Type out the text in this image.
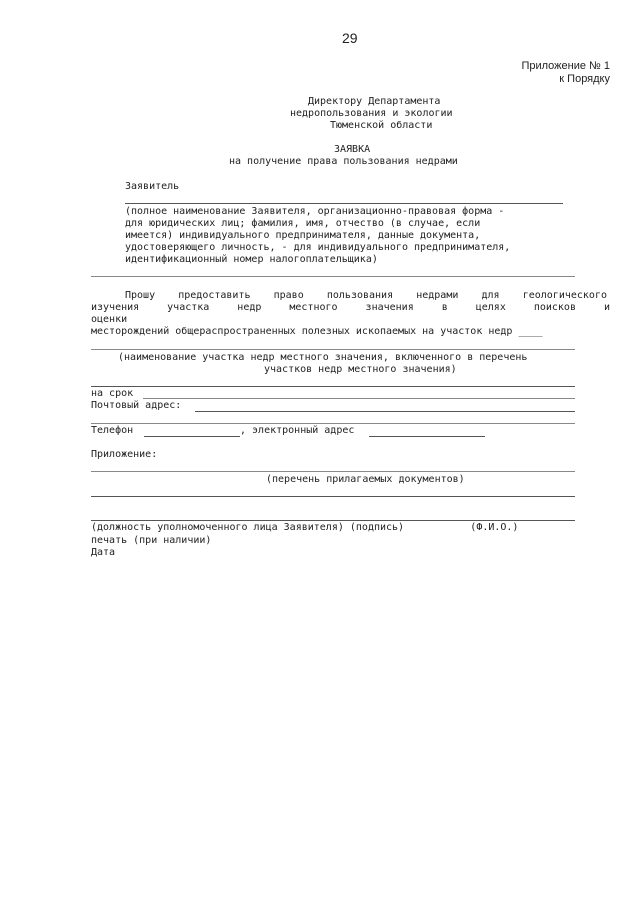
29
Приложение № 1
к Порядку
Директору Департамента
недропользования и экологии
Тюменской области
ЗАЯВКА
на получение права пользования недрами
Заявитель
(полное наименование Заявителя, организационно-правовая форма -
для юридических лиц; фамилия, имя, отчество (в случае, если
имеется) индивидуального предпринимателя, данные документа,
удостоверяющего личность, - для индивидуального предпринимателя,
идентификационный номер налогоплательщика)
Прошу предоставить право пользования недрами для геологического
изучения участка недр местного значения в целях поисков и
оценки
месторождений общераспространенных полезных ископаемых на участок недр ____
(наименование участка недр местного значения, включенного в перечень
участков недр местного значения)
на срок
Почтовый адрес:
Телефон	, электронный адрес
Приложение:
(перечень прилагаемых документов)
(должность уполномоченного лица Заявителя) (подпись)           (Ф.И.О.)
печать (при наличии)
Дата
